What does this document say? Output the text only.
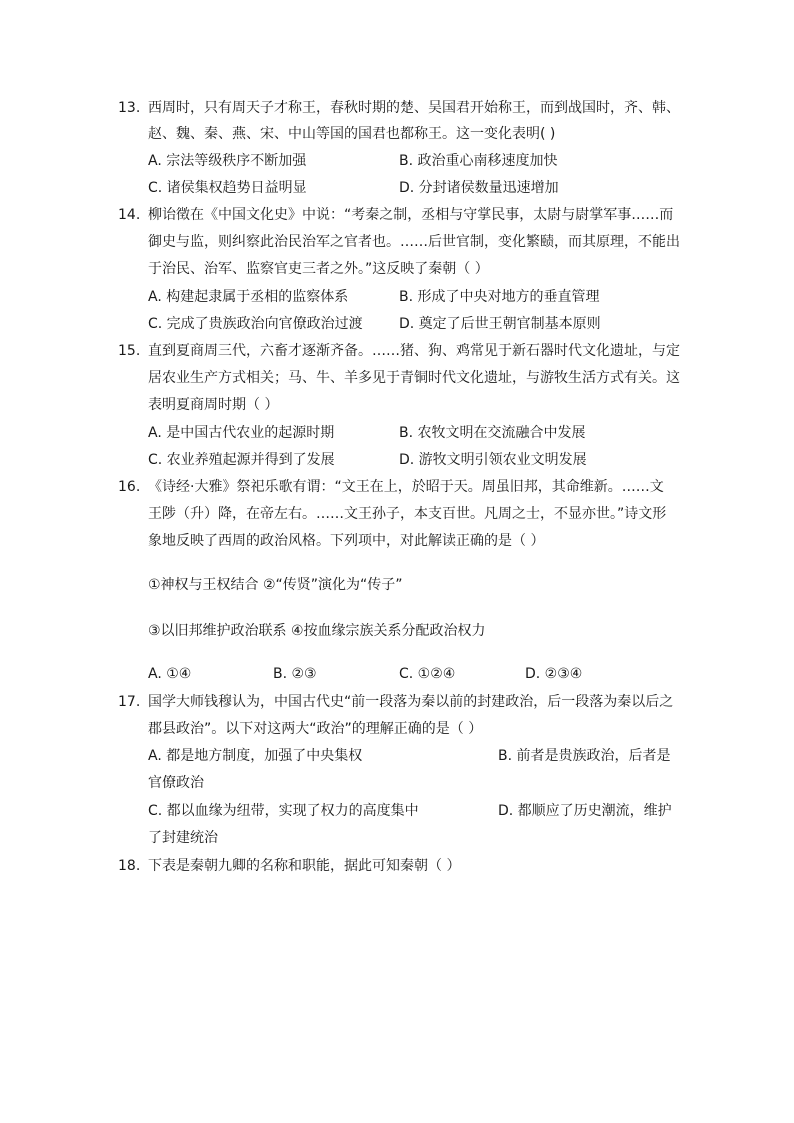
13. 西周时，只有周天子才称王，春秋时期的楚、吴国君开始称王，而到战国时，齐、韩、
赵、魏、秦、燕、宋、中山等国的国君也都称王。这一变化表明( )
A. 宗法等级秩序不断加强	B. 政治重心南移速度加快
C. 诸侯集权趋势日益明显	D. 分封诸侯数量迅速增加
14. 柳诒徵在《中国文化史》中说：“考秦之制，丞相与守掌民事，太尉与尉掌军事……而
御史与监，则纠察此治民治军之官者也。……后世官制，变化繁赜，而其原理，不能出
于治民、治军、监察官吏三者之外。”这反映了秦朝（ ）
A. 构建起隶属于丞相的监察体系	B. 形成了中央对地方的垂直管理
C. 完成了贵族政治向官僚政治过渡	D. 奠定了后世王朝官制基本原则
15. 直到夏商周三代，六畜才逐渐齐备。……猪、狗、鸡常见于新石器时代文化遗址，与定
居农业生产方式相关；马、牛、羊多见于青铜时代文化遗址，与游牧生活方式有关。这
表明夏商周时期（ ）
A. 是中国古代农业的起源时期	B. 农牧文明在交流融合中发展
C. 农业养殖起源并得到了发展	D. 游牧文明引领农业文明发展
16. 《诗经·大雅》祭祀乐歌有谓：“文王在上，於昭于天。周虽旧邦，其命维新。……文
王陟（升）降，在帝左右。……文王孙子，本支百世。凡周之士，不显亦世。”诗文形
象地反映了西周的政治风格。下列项中，对此解读正确的是（ ）
①神权与王权结合 ②“传贤”演化为“传子”
③以旧邦维护政治联系 ④按血缘宗族关系分配政治权力
A. ①④	B. ②③	C. ①②④	D. ②③④
17. 国学大师钱穆认为，中国古代史“前一段落为秦以前的封建政治，后一段落为秦以后之
郡县政治”。以下对这两大“政治”的理解正确的是（ ）
A. 都是地方制度，加强了中央集权	B. 前者是贵族政治，后者是
官僚政治
C. 都以血缘为纽带，实现了权力的高度集中	D. 都顺应了历史潮流，维护
了封建统治
18. 下表是秦朝九卿的名称和职能，据此可知秦朝（ ）
